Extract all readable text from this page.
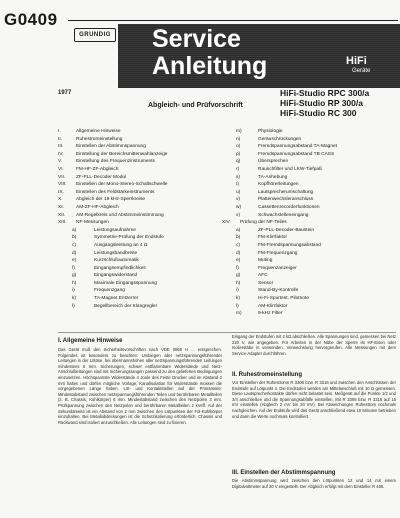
G0409
GRUNDIG Service
Anleitung	HiFi
Geräte
1977
Abgleich- und Prüfvorschrift
HiFi-Studio RPC 300/a
HiFi-Studio RP 300/a
HiFi-Studio RC 300
I.	Allgemeine Hinweise
II.	Ruhestromeinstellung
III.	Einstellen der Abstimmspannung
IV.	Einstellung der Bereichsmittenwahlanzeige
V.	Einstellung des Frequenzinstruments
VI.	FM-HF-ZF-Abgleich
VII.	ZF-PLL-Decoder Modul
VIII.	Einstellen der Mono-Stereo-Schaltschwelle
IX.	Einstellen des Feldstärkeinstruments
X.	Abgleich der 19 kHz-Sperrkreise
XI.	AM-ZF-HF-Abgleich
XII.	AM-Regelkreis und Abstimmeinstimmung
XIII.	NF-Messungen
a)	Leistungsaufnahme
b)	Symmetrie-Prüfung der Endstufe
c)	Ausgangsleistung an 4 Ω
d)	Leistungsbandbreite
e)	Kurzschlußautomatik
f)	Eingangsempfindlichkeit
g)	Eingangswiderstand
h)	Maximale Eingangsspannung
i)	Frequenzgang
k)	TA-Magnet Entzerrer
l)	Begellbereich der Klangregler
m)	Physiologie
n)	Geräuschrückungen
o)	Fremdspannungsabstand TA-Magnet
p)	Fremdspannungsabstand TB CASS
q)	Übersprechen
r)	Rauschfilter und LKW-Tiefpaß
s)	TA-Anhebung
t)	Kopfhörerleitungen
u)	Lautsprecherumschaltung
v)	Plattenwechsleranschluss
w)	Cassettenrecorderfunktionen
x)	Schwachstelleneingang
XIV.	Prüfung der NF-Teiles
a)	ZF-PLL-Decoder-Baustein
b)	FM-Klirrfaktor
c)	FM-Fremdspannungsabstand
d)	FM-Frequenzgang
e)	Muting
f)	Frequenzanzeiger
g)	AFC
h)	Sensor
i)	Stand-By-Kontrolle
k)	Hi-Fi-Spurtest, Pilotnote
l)	AM-Klirrfaktor
m)	9-kHz Filter
I. Allgemeine Hinweise
Das Gerät muß den Sicherheitsvorschriften nach VDE 0860 H ... entsprechen. Folgendes ist besonders zu beachten: Umbiegen aller netzspannungsführender Leitungen in der Lötöse, bei übermannshohen aller netzspannungsführenden Leitungen mindestens 6 mm. Sicherungen, schwer entflammbare Widerstände und Netz-Anschlußleitungen sind mit Sicherungsrangen passend zu den gelieferten Bedingungen einzusetzen. Höchspannste Widerstände 4 Joule des Feste Drucker und im Abstand 2 mm halten und dürfen mögliche Vorlage, Kanalisolation für Widerstände müssen die vorgegebenen Länge haben. Löt- und Kontaktstellen auf der Primärseite: Mindestabstand zwischen netzspannungsführenden Teilen und berührbaren Metallteilen (z. B. Chassis, Kühlkörper) 6 mm. Mindestabstand zwischen den Netzpolen 3 mm. Prüfspannung zwischen den Netzpolen und berührbaren Metallteilen 2 kVeff. Auf der Sekundärseite ist ein Abstand von 2 mm zwischen den Lötpunkten der Fol-Kühlkörper einzuhalten. Bei Metallabdeckungen ist die Schutzisolierung erforderlich. Chassis und Rückwand sind isoliert anzuschließen. Alle Leitungen sind zu fixieren.
Eingang der Endstufen mit 2 kΩ abschließen. Alle Spannungen sind, gemessen bei Netz 220 V, wie angegeben. Für Arbeiten in der Nähe der Sperre ist HF-Eisen oder Isolierstäbe in verwenden, Verwechslung hervorgerufen. Alle Messungen mit dem Service-Adapter durchführen.
II. Ruhestromeinstellung
Vor Einstellen der Ruhestroms R 3306 bzw. R 3316 und zwischen den Anschlüssen der Endstufe auf Lötpunkt 4. Die Endstufen werden am Mittelanschluß mit 10 Ω gemessen. Diese Lautsprecherkontakte dürfen nicht belastet sein. Meßgerät auf die Punkte 1/2 und 3/4 anschließen und die Spannungsabfälle einstellen. Mit R 3306 bzw. R 3316 auf 15 mV einstellen (Abgleich 2 mV bis 20 mV). Bei Abweichungen Ruhestrom nochmals nachgleichen. Auf der Endstufe wird das Gerät anschließend etwa 10 Minuten betrieben und dann die Werte nochmals kontrolliert.
III. Einstellen der Abstimmspannung
Die Abstimmspannung wird zwischen den Lötpunkten 12 und 14 mit einem Digitalvoltmeter auf 30 V eingestellt. Der Abgleich erfolgt mit dem Einsteller R 466.
